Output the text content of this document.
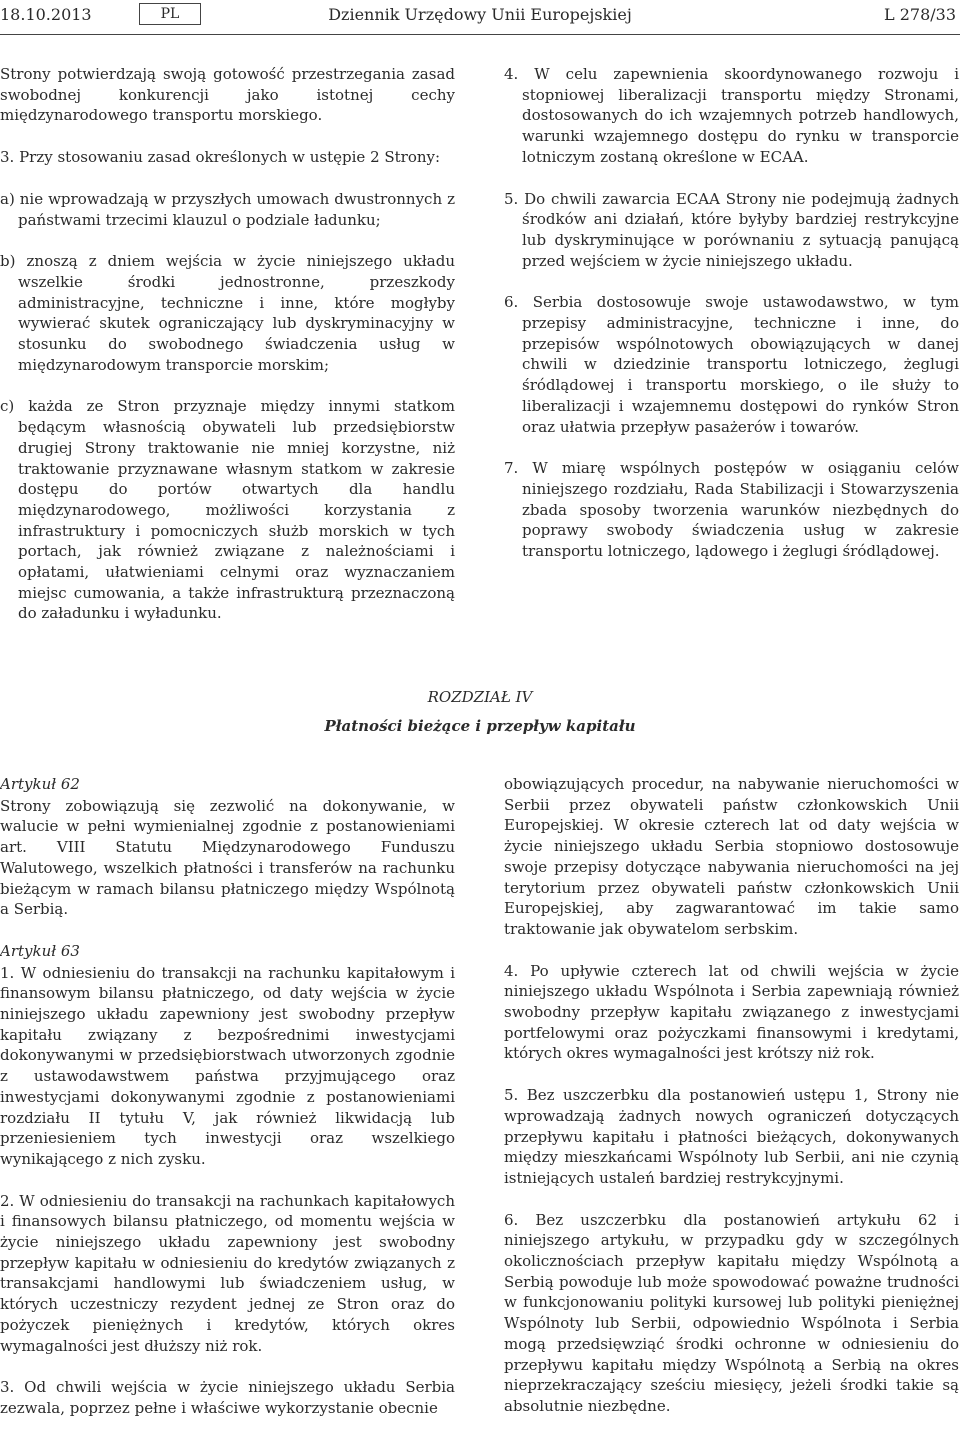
18.10.2013	PL	Dziennik Urzędowy Unii Europejskiej	L 278/33

Strony potwierdzają swoją gotowość przestrzegania zasad swobodnej konkurencji jako istotnej cechy międzynarodowego transportu morskiego.

3. Przy stosowaniu zasad określonych w ustępie 2 Strony:

a) nie wprowadzają w przyszłych umowach dwustronnych z państwami trzecimi klauzul o podziale ładunku;

b) znoszą z dniem wejścia w życie niniejszego układu wszelkie środki jednostronne, przeszkody administracyjne, techniczne i inne, które mogłyby wywierać skutek ograniczający lub dyskryminacyjny w stosunku do swobodnego świadczenia usług w międzynarodowym transporcie morskim;

c) każda ze Stron przyznaje między innymi statkom będącym własnością obywateli lub przedsiębiorstw drugiej Strony traktowanie nie mniej korzystne, niż traktowanie przyznawane własnym statkom w zakresie dostępu do portów otwartych dla handlu międzynarodowego, możliwości korzystania z infrastruktury i pomocniczych służb morskich w tych portach, jak również związane z należnościami i opłatami, ułatwieniami celnymi oraz wyznaczaniem miejsc cumowania, a także infrastrukturą przeznaczoną do załadunku i wyładunku.

4. W celu zapewnienia skoordynowanego rozwoju i stopniowej liberalizacji transportu między Stronami, dostosowanych do ich wzajemnych potrzeb handlowych, warunki wzajemnego dostępu do rynku w transporcie lotniczym zostaną określone w ECAA.

5. Do chwili zawarcia ECAA Strony nie podejmują żadnych środków ani działań, które byłyby bardziej restrykcyjne lub dyskryminujące w porównaniu z sytuacją panującą przed wejściem w życie niniejszego układu.

6. Serbia dostosowuje swoje ustawodawstwo, w tym przepisy administracyjne, techniczne i inne, do przepisów wspólnotowych obowiązujących w danej chwili w dziedzinie transportu lotniczego, żeglugi śródlądowej i transportu morskiego, o ile służy to liberalizacji i wzajemnemu dostępowi do rynków Stron oraz ułatwia przepływ pasażerów i towarów.

7. W miarę wspólnych postępów w osiąganiu celów niniejszego rozdziału, Rada Stabilizacji i Stowarzyszenia zbada sposoby tworzenia warunków niezbędnych do poprawy swobody świadczenia usług w zakresie transportu lotniczego, lądowego i żeglugi śródlądowej.

ROZDZIAŁ IV
Płatności bieżące i przepływ kapitału

Artykuł 62

Strony zobowiązują się zezwolić na dokonywanie, w walucie w pełni wymienialnej zgodnie z postanowieniami art. VIII Statutu Międzynarodowego Funduszu Walutowego, wszelkich płatności i transferów na rachunku bieżącym w ramach bilansu płatniczego między Wspólnotą a Serbią.

Artykuł 63

1. W odniesieniu do transakcji na rachunku kapitałowym i finansowym bilansu płatniczego, od daty wejścia w życie niniejszego układu zapewniony jest swobodny przepływ kapitału związany z bezpośrednimi inwestycjami dokonywanymi w przedsiębiorstwach utworzonych zgodnie z ustawodawstwem państwa przyjmującego oraz inwestycjami dokonywanymi zgodnie z postanowieniami rozdziału II tytułu V, jak również likwidacją lub przeniesieniem tych inwestycji oraz wszelkiego wynikającego z nich zysku.

2. W odniesieniu do transakcji na rachunkach kapitałowych i finansowych bilansu płatniczego, od momentu wejścia w życie niniejszego układu zapewniony jest swobodny przepływ kapitału w odniesieniu do kredytów związanych z transakcjami handlowymi lub świadczeniem usług, w których uczestniczy rezydent jednej ze Stron oraz do pożyczek pieniężnych i kredytów, których okres wymagalności jest dłuższy niż rok.

3. Od chwili wejścia w życie niniejszego układu Serbia zezwala, poprzez pełne i właściwe wykorzystanie obecnie

obowiązujących procedur, na nabywanie nieruchomości w Serbii przez obywateli państw członkowskich Unii Europejskiej. W okresie czterech lat od daty wejścia w życie niniejszego układu Serbia stopniowo dostosowuje swoje przepisy dotyczące nabywania nieruchomości na jej terytorium przez obywateli państw członkowskich Unii Europejskiej, aby zagwarantować im takie samo traktowanie jak obywatelom serbskim.

4. Po upływie czterech lat od chwili wejścia w życie niniejszego układu Wspólnota i Serbia zapewniają również swobodny przepływ kapitału związanego z inwestycjami portfelowymi oraz pożyczkami finansowymi i kredytami, których okres wymagalności jest krótszy niż rok.

5. Bez uszczerbku dla postanowień ustępu 1, Strony nie wprowadzają żadnych nowych ograniczeń dotyczących przepływu kapitału i płatności bieżących, dokonywanych między mieszkańcami Wspólnoty lub Serbii, ani nie czynią istniejących ustaleń bardziej restrykcyjnymi.

6. Bez uszczerbku dla postanowień artykułu 62 i niniejszego artykułu, w przypadku gdy w szczególnych okolicznościach przepływ kapitału między Wspólnotą a Serbią powoduje lub może spowodować poważne trudności w funkcjonowaniu polityki kursowej lub polityki pieniężnej Wspólnoty lub Serbii, odpowiednio Wspólnota i Serbia mogą przedsięwziąć środki ochronne w odniesieniu do przepływu kapitału między Wspólnotą a Serbią na okres nieprzekraczający sześciu miesięcy, jeżeli środki takie są absolutnie niezbędne.
